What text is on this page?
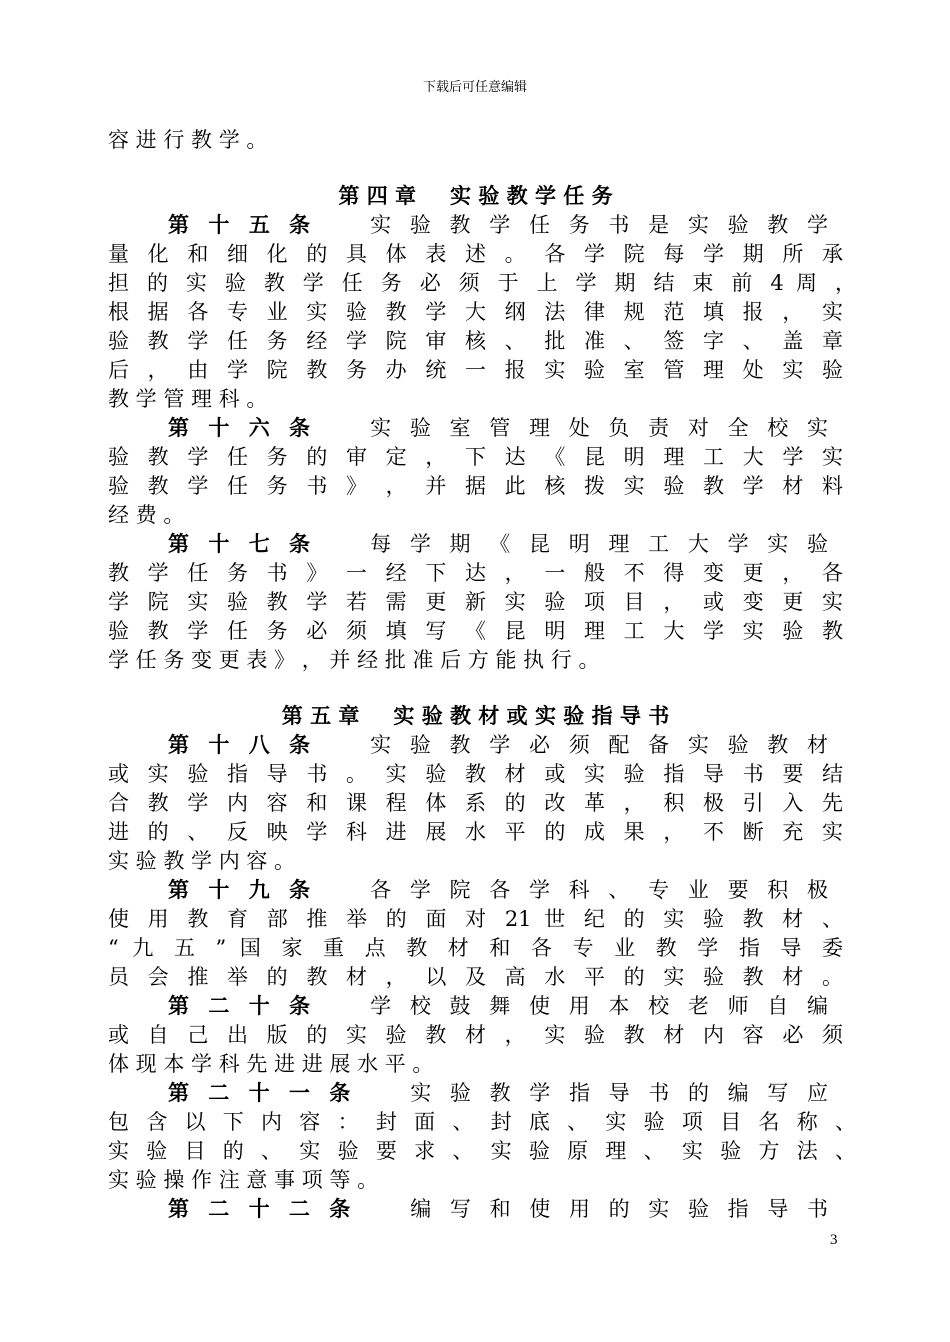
下载后可任意编辑
容 进 行 教 学 。
第 四 章 实 验 教 学 任 务
第 十 五 条　　	实 验 教 学 任 务 书 是 实 验 教 学
量 化 和 细 化 的 具 体 表 述 。 各 学 院 每 学 期 所 承
担 的 实 验 教 学 任 务 必 须 于 上 学 期 结 束 前 4 周 ，
根 据 各 专 业 实 验 教 学 大 纲 法 律 规 范 填 报 ， 实
验 教 学 任 务 经 学 院 审 核 、 批 准 、 签 字 、 盖 章
后 ， 由 学 院 教 务 办 统 一 报 实 验 室 管 理 处 实 验
教 学 管 理 科 。
第 十 六 条　　	实 验 室 管 理 处 负 责 对 全 校 实
验 教 学 任 务 的 审 定 ， 下 达 《 昆 明 理 工 大 学 实
验 教 学 任 务 书 》 ， 并 据 此 核 拨 实 验 教 学 材 料
经 费 。
第 十 七 条　　	每 学 期 《 昆 明 理 工 大 学 实 验
教 学 任 务 书 》 一 经 下 达 ， 一 般 不 得 变 更 ， 各
学 院 实 验 教 学 若 需 更 新 实 验 项 目 ， 或 变 更 实
验 教 学 任 务 必 须 填 写 《 昆 明 理 工 大 学 实 验 教
学 任 务 变 更 表 》 ， 并 经 批 准 后 方 能 执 行 。
第 五 章 实 验 教 材 或 实 验 指 导 书
第 十 八 条　　	实 验 教 学 必 须 配 备 实 验 教 材
或 实 验 指 导 书 。 实 验 教 材 或 实 验 指 导 书 要 结
合 教 学 内 容 和 课 程 体 系 的 改 革 ， 积 极 引 入 先
进 的 、 反 映 学 科 进 展 水 平 的 成 果 ， 不 断 充 实
实 验 教 学 内 容 。
第 十 九 条　　	各 学 院 各 学 科 、 专 业 要 积 极
使 用 教 育 部 推 举 的 面 对 21 世 纪 的 实 验 教 材 、
“ 九 五 ” 国 家 重 点 教 材 和 各 专 业 教 学 指 导 委
员 会 推 举 的 教 材 ， 以 及 高 水 平 的 实 验 教 材 。
第 二 十 条　　	学 校 鼓 舞 使 用 本 校 老 师 自 编
或 自 己 出 版 的 实 验 教 材 ， 实 验 教 材 内 容 必 须
体 现 本 学 科 先 进 进 展 水 平 。
第 二 十 一 条　　	实 验 教 学 指 导 书 的 编 写 应
包 含 以 下 内 容 ： 封 面 、 封 底 、 实 验 项 目 名 称 、
实 验 目 的 、 实 验 要 求 、 实 验 原 理 、 实 验 方 法 、
实 验 操 作 注 意 事 项 等 。
第 二 十 二 条　　	编 写 和 使 用 的 实 验 指 导 书
3
